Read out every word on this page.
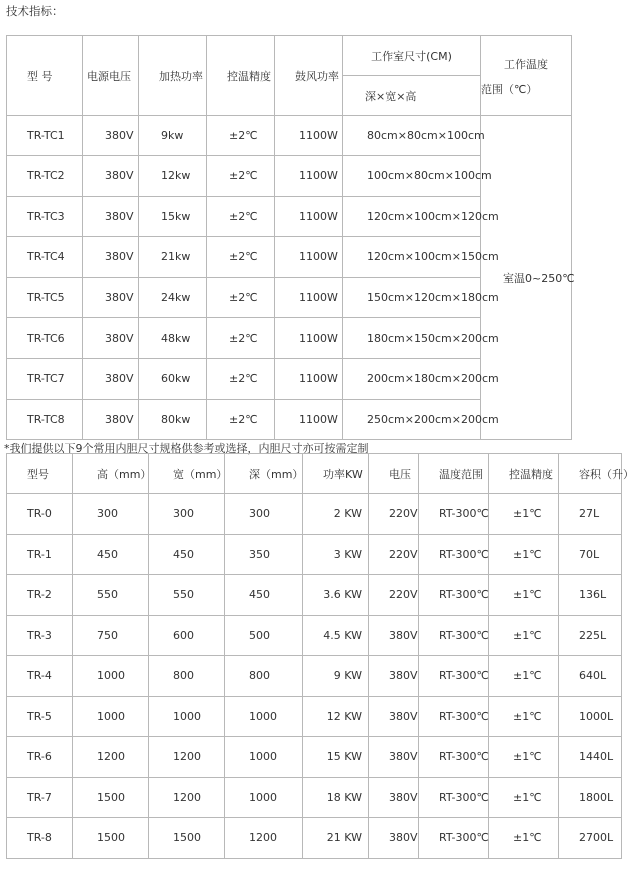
技术指标：
型 号	电源电压	加热功率	控温精度	鼓风功率	工作室尺寸(CM)	工作温度
范围（℃）

					深×宽×高	
TR-TC1	380V	9kw	±2℃	1100W	80cm×80cm×100cm	室温0~250℃
TR-TC2	380V	12kw	±2℃	1100W	100cm×80cm×100cm	
TR-TC3	380V	15kw	±2℃	1100W	120cm×100cm×120cm	
TR-TC4	380V	21kw	±2℃	1100W	120cm×100cm×150cm	
TR-TC5	380V	24kw	±2℃	1100W	150cm×120cm×180cm	
TR-TC6	380V	48kw	±2℃	1100W	180cm×150cm×200cm	
TR-TC7	380V	60kw	±2℃	1100W	200cm×180cm×200cm	
TR-TC8	380V	80kw	±2℃	1100W	250cm×200cm×200cm	
*我们提供以下9个常用内胆尺寸规格供参考或选择，内胆尺寸亦可按需定制
型号	高（mm）	宽（mm）	深（mm）	功率KW	电压	温度范围	控温精度	容积（升）
TR-0	300	300	300	2 KW	220V	RT-300℃	±1℃	27L
TR-1	450	450	350	3 KW	220V	RT-300℃	±1℃	70L
TR-2	550	550	450	3.6 KW	220V	RT-300℃	±1℃	136L
TR-3	750	600	500	4.5 KW	380V	RT-300℃	±1℃	225L
TR-4	1000	800	800	9 KW	380V	RT-300℃	±1℃	640L
TR-5	1000	1000	1000	12 KW	380V	RT-300℃	±1℃	1000L
TR-6	1200	1200	1000	15 KW	380V	RT-300℃	±1℃	1440L
TR-7	1500	1200	1000	18 KW	380V	RT-300℃	±1℃	1800L
TR-8	1500	1500	1200	21 KW	380V	RT-300℃	±1℃	2700L
